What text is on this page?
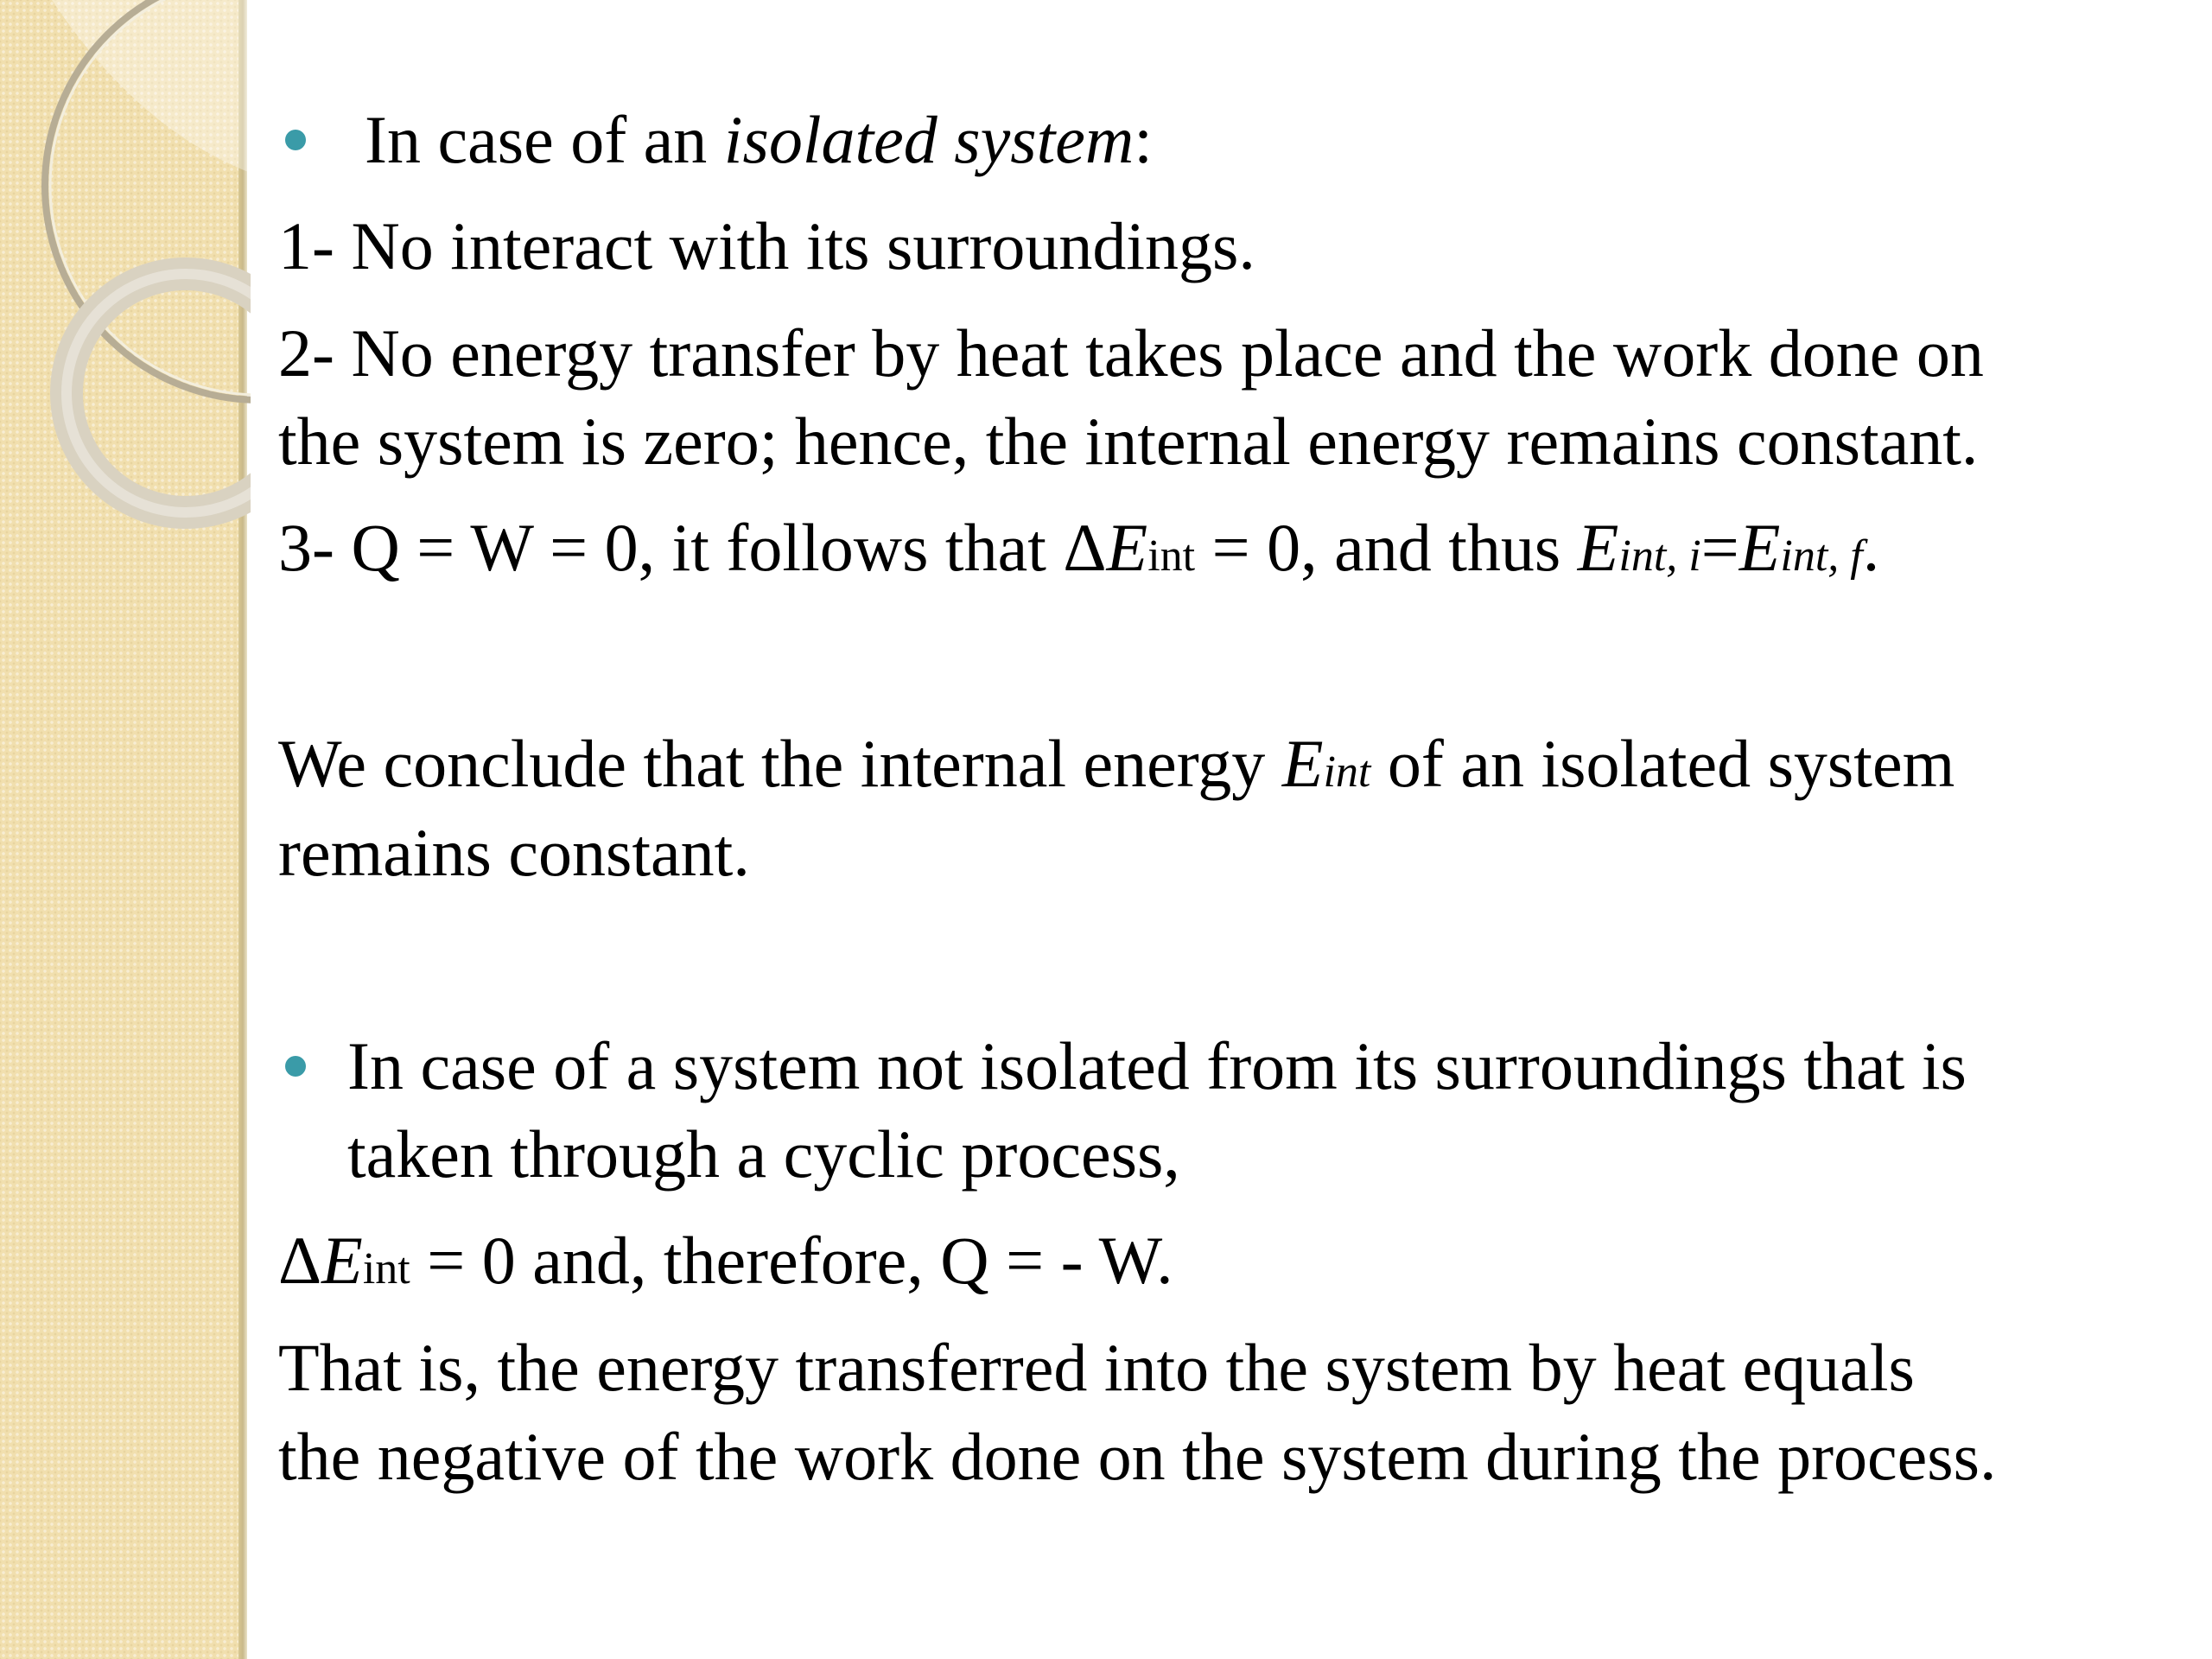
In case of an isolated system:
1- No interact with its surroundings.
2- No energy transfer by heat takes place and the work done on
the system is zero; hence, the internal energy remains constant.
3- Q = W = 0, it follows that ΔEint = 0, and thus Eint, i=Eint, f.
We conclude that the internal energy Eint of an isolated system
remains constant.
In case of a system not isolated from its surroundings that is
taken through a cyclic process,
ΔEint = 0 and, therefore, Q = - W.
That is, the energy transferred into the system by heat equals
the negative of the work done on the system during the process.
